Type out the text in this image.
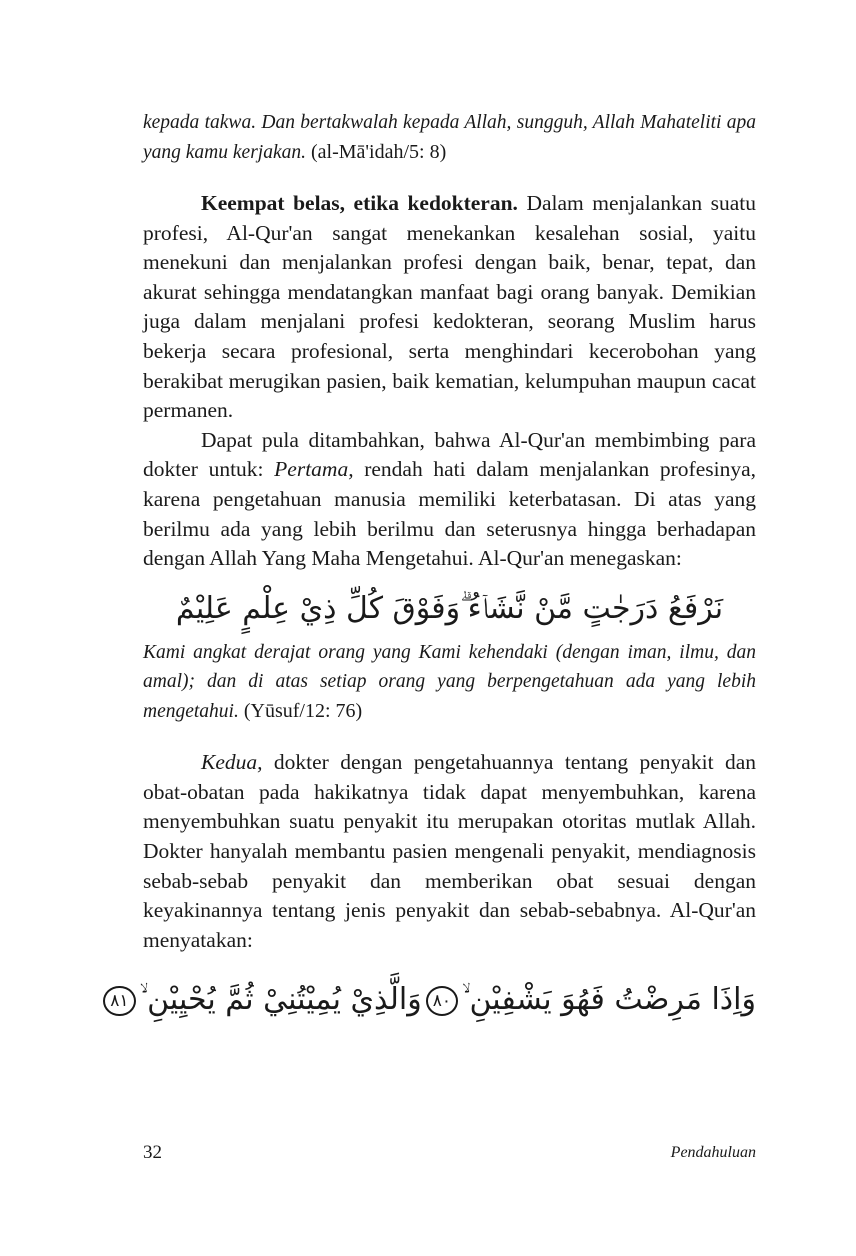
kepada takwa. Dan bertakwalah kepada Allah, sungguh, Allah Mahateliti apa yang kamu kerjakan. (al-Mā'idah/5: 8)

Keempat belas, etika kedokteran. Dalam menjalankan suatu profesi, Al-Qur'an sangat menekankan kesalehan sosial, yaitu menekuni dan menjalankan profesi dengan baik, benar, tepat, dan akurat sehingga mendatangkan manfaat bagi orang banyak. Demikian juga dalam menjalani profesi kedokteran, seorang Muslim harus bekerja secara profesional, serta menghindari kecerobohan yang berakibat merugikan pasien, baik kematian, kelumpuhan maupun cacat permanen.

Dapat pula ditambahkan, bahwa Al-Qur'an membimbing para dokter untuk: Pertama, rendah hati dalam menjalankan profesinya, karena pengetahuan manusia memiliki keterbatasan. Di atas yang berilmu ada yang lebih berilmu dan seterusnya hingga berhadapan dengan Allah Yang Maha Mengetahui. Al-Qur'an menegaskan:

نَرْفَعُ دَرَجٰتٍ مَّنْ نَّشَاۤءُ ۗوَفَوْقَ كُلِّ ذِيْ عِلْمٍ عَلِيْمٌ

Kami angkat derajat orang yang Kami kehendaki (dengan iman, ilmu, dan amal); dan di atas setiap orang yang berpengetahuan ada yang lebih mengetahui. (Yūsuf/12: 76)

Kedua, dokter dengan pengetahuannya tentang penyakit dan obat-obatan pada hakikatnya tidak dapat menyembuhkan, karena menyembuhkan suatu penyakit itu merupakan otoritas mutlak Allah. Dokter hanyalah membantu pasien mengenali penyakit, mendiagnosis sebab-sebab penyakit dan memberikan obat sesuai dengan keyakinannya tentang jenis penyakit dan sebab-sebabnya. Al-Qur'an menyatakan:

وَاِذَا مَرِضْتُ فَهُوَ يَشْفِيْنِ ۙ٨٠وَالَّذِيْ يُمِيْتُنِيْ ثُمَّ يُحْيِيْنِ ۙ٨١
32	Pendahuluan
